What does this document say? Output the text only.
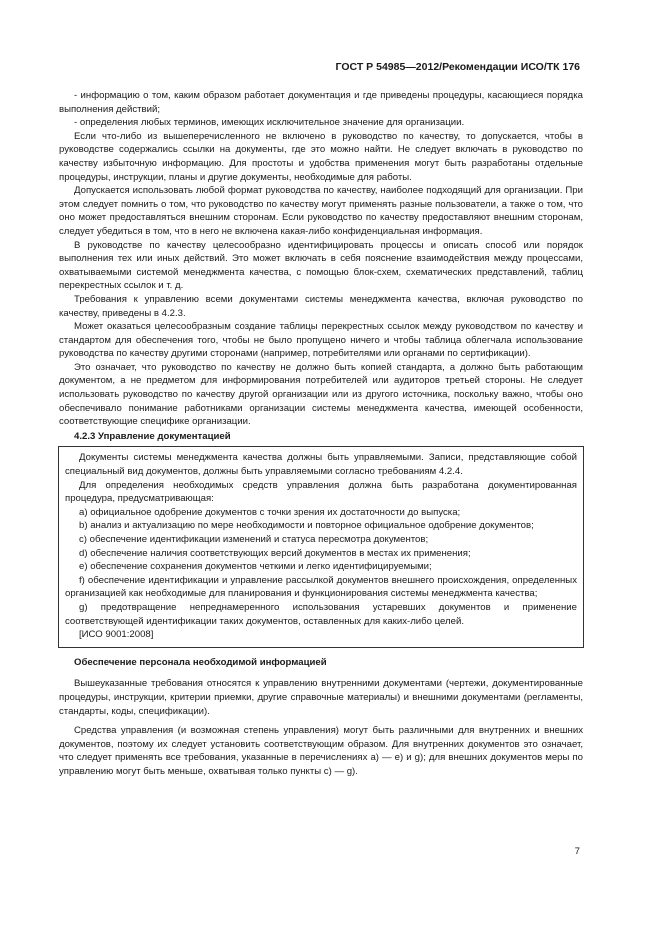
ГОСТ Р 54985—2012/Рекомендации ИСО/ТК 176

- информацию о том, каким образом работает документация и где приведены процедуры, касающиеся порядка выполнения действий;

- определения любых терминов, имеющих исключительное значение для организации.

Если что-либо из вышеперечисленного не включено в руководство по качеству, то допускается, чтобы в руководстве содержались ссылки на документы, где это можно найти. Не следует включать в руководство по качеству избыточную информацию. Для простоты и удобства применения могут быть разработаны отдельные процедуры, инструкции, планы и другие документы, необходимые для работы.

Допускается использовать любой формат руководства по качеству, наиболее подходящий для организации. При этом следует помнить о том, что руководство по качеству могут применять разные пользователи, а также о том, что оно может предоставляться внешним сторонам. Если руководство по качеству предоставляют внешним сторонам, следует убедиться в том, что в него не включена какая-либо конфиденциальная информация.

В руководстве по качеству целесообразно идентифицировать процессы и описать способ или порядок выполнения тех или иных действий. Это может включать в себя пояснение взаимодействия между процессами, охватываемыми системой менеджмента качества, с помощью блок-схем, схематических представлений, таблиц перекрестных ссылок и т. д.

Требования к управлению всеми документами системы менеджмента качества, включая руководство по качеству, приведены в 4.2.3.

Может оказаться целесообразным создание таблицы перекрестных ссылок между руководством по качеству и стандартом для обеспечения того, чтобы не было пропущено ничего и чтобы таблица облегчала использование руководства по качеству другими сторонами (например, потребителями или органами по сертификации).

Это означает, что руководство по качеству не должно быть копией стандарта, а должно быть работающим документом, а не предметом для информирования потребителей или аудиторов третьей стороны. Не следует использовать руководство по качеству другой организации или из другого источника, поскольку важно, чтобы оно обеспечивало понимание работниками организации системы менеджмента качества, имеющей особенности, соответствующие специфике организации.

4.2.3 Управление документацией

Документы системы менеджмента качества должны быть управляемыми. Записи, представляющие собой специальный вид документов, должны быть управляемыми согласно требованиям 4.2.4.

Для определения необходимых средств управления должна быть разработана документированная процедура, предусматривающая:

а) официальное одобрение документов с точки зрения их достаточности до выпуска;

b) анализ и актуализацию по мере необходимости и повторное официальное одобрение документов;

c) обеспечение идентификации изменений и статуса пересмотра документов;

d) обеспечение наличия соответствующих версий документов в местах их применения;

e) обеспечение сохранения документов четкими и легко идентифицируемыми;

f) обеспечение идентификации и управление рассылкой документов внешнего происхождения, определенных организацией как необходимые для планирования и функционирования системы менеджмента качества;

g) предотвращение непреднамеренного использования устаревших документов и применение соответствующей идентификации таких документов, оставленных для каких-либо целей.

[ИСО 9001:2008]

Обеспечение персонала необходимой информацией

Вышеуказанные требования относятся к управлению внутренними документами (чертежи, документированные процедуры, инструкции, критерии приемки, другие справочные материалы) и внешними документами (регламенты, стандарты, коды, спецификации).

Средства управления (и возможная степень управления) могут быть различными для внутренних и внешних документов, поэтому их следует установить соответствующим образом. Для внутренних документов это означает, что следует применять все требования, указанные в перечислениях а) — e) и g); для внешних документов меры по управлению могут быть меньше, охватывая только пункты c) — g).

7
